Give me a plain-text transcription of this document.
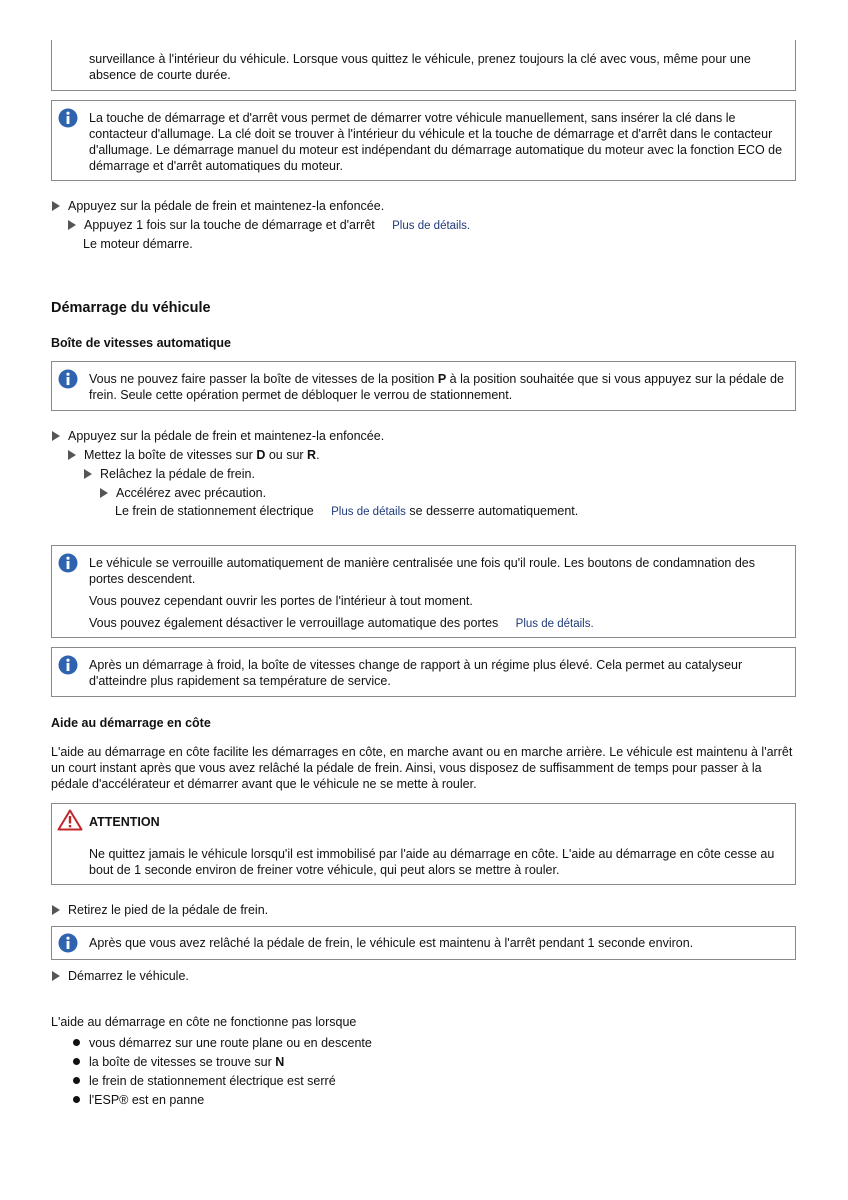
surveillance à l'intérieur du véhicule. Lorsque vous quittez le véhicule, prenez toujours la clé avec vous, même pour une absence de courte durée.
La touche de démarrage et d'arrêt vous permet de démarrer votre véhicule manuellement, sans insérer la clé dans le contacteur d'allumage. La clé doit se trouver à l'intérieur du véhicule et la touche de démarrage et d'arrêt dans le contacteur d'allumage. Le démarrage manuel du moteur est indépendant du démarrage automatique du moteur avec la fonction ECO de démarrage et d'arrêt automatiques du moteur.
Appuyez sur la pédale de frein et maintenez-la enfoncée.
Appuyez 1 fois sur la touche de démarrage et d'arrêt Plus de détails.
Le moteur démarre.
Démarrage du véhicule
Boîte de vitesses automatique
Vous ne pouvez faire passer la boîte de vitesses de la position P à la position souhaitée que si vous appuyez sur la pédale de frein. Seule cette opération permet de débloquer le verrou de stationnement.
Appuyez sur la pédale de frein et maintenez-la enfoncée.
Mettez la boîte de vitesses sur D ou sur R.
Relâchez la pédale de frein.
Accélérez avec précaution.
Le frein de stationnement électrique Plus de détails se desserre automatiquement.
Le véhicule se verrouille automatiquement de manière centralisée une fois qu'il roule. Les boutons de condamnation des portes descendent.
Vous pouvez cependant ouvrir les portes de l'intérieur à tout moment.
Vous pouvez également désactiver le verrouillage automatique des portes Plus de détails.
Après un démarrage à froid, la boîte de vitesses change de rapport à un régime plus élevé. Cela permet au catalyseur d'atteindre plus rapidement sa température de service.
Aide au démarrage en côte
L'aide au démarrage en côte facilite les démarrages en côte, en marche avant ou en marche arrière. Le véhicule est maintenu à l'arrêt un court instant après que vous avez relâché la pédale de frein. Ainsi, vous disposez de suffisamment de temps pour passer à la pédale d'accélérateur et démarrer avant que le véhicule ne se mette à rouler.
ATTENTION
Ne quittez jamais le véhicule lorsqu'il est immobilisé par l'aide au démarrage en côte. L'aide au démarrage en côte cesse au bout de 1 seconde environ de freiner votre véhicule, qui peut alors se mettre à rouler.
Retirez le pied de la pédale de frein.
Après que vous avez relâché la pédale de frein, le véhicule est maintenu à l'arrêt pendant 1 seconde environ.
Démarrez le véhicule.
L'aide au démarrage en côte ne fonctionne pas lorsque
vous démarrez sur une route plane ou en descente
la boîte de vitesses se trouve sur N
le frein de stationnement électrique est serré
l'ESP® est en panne
